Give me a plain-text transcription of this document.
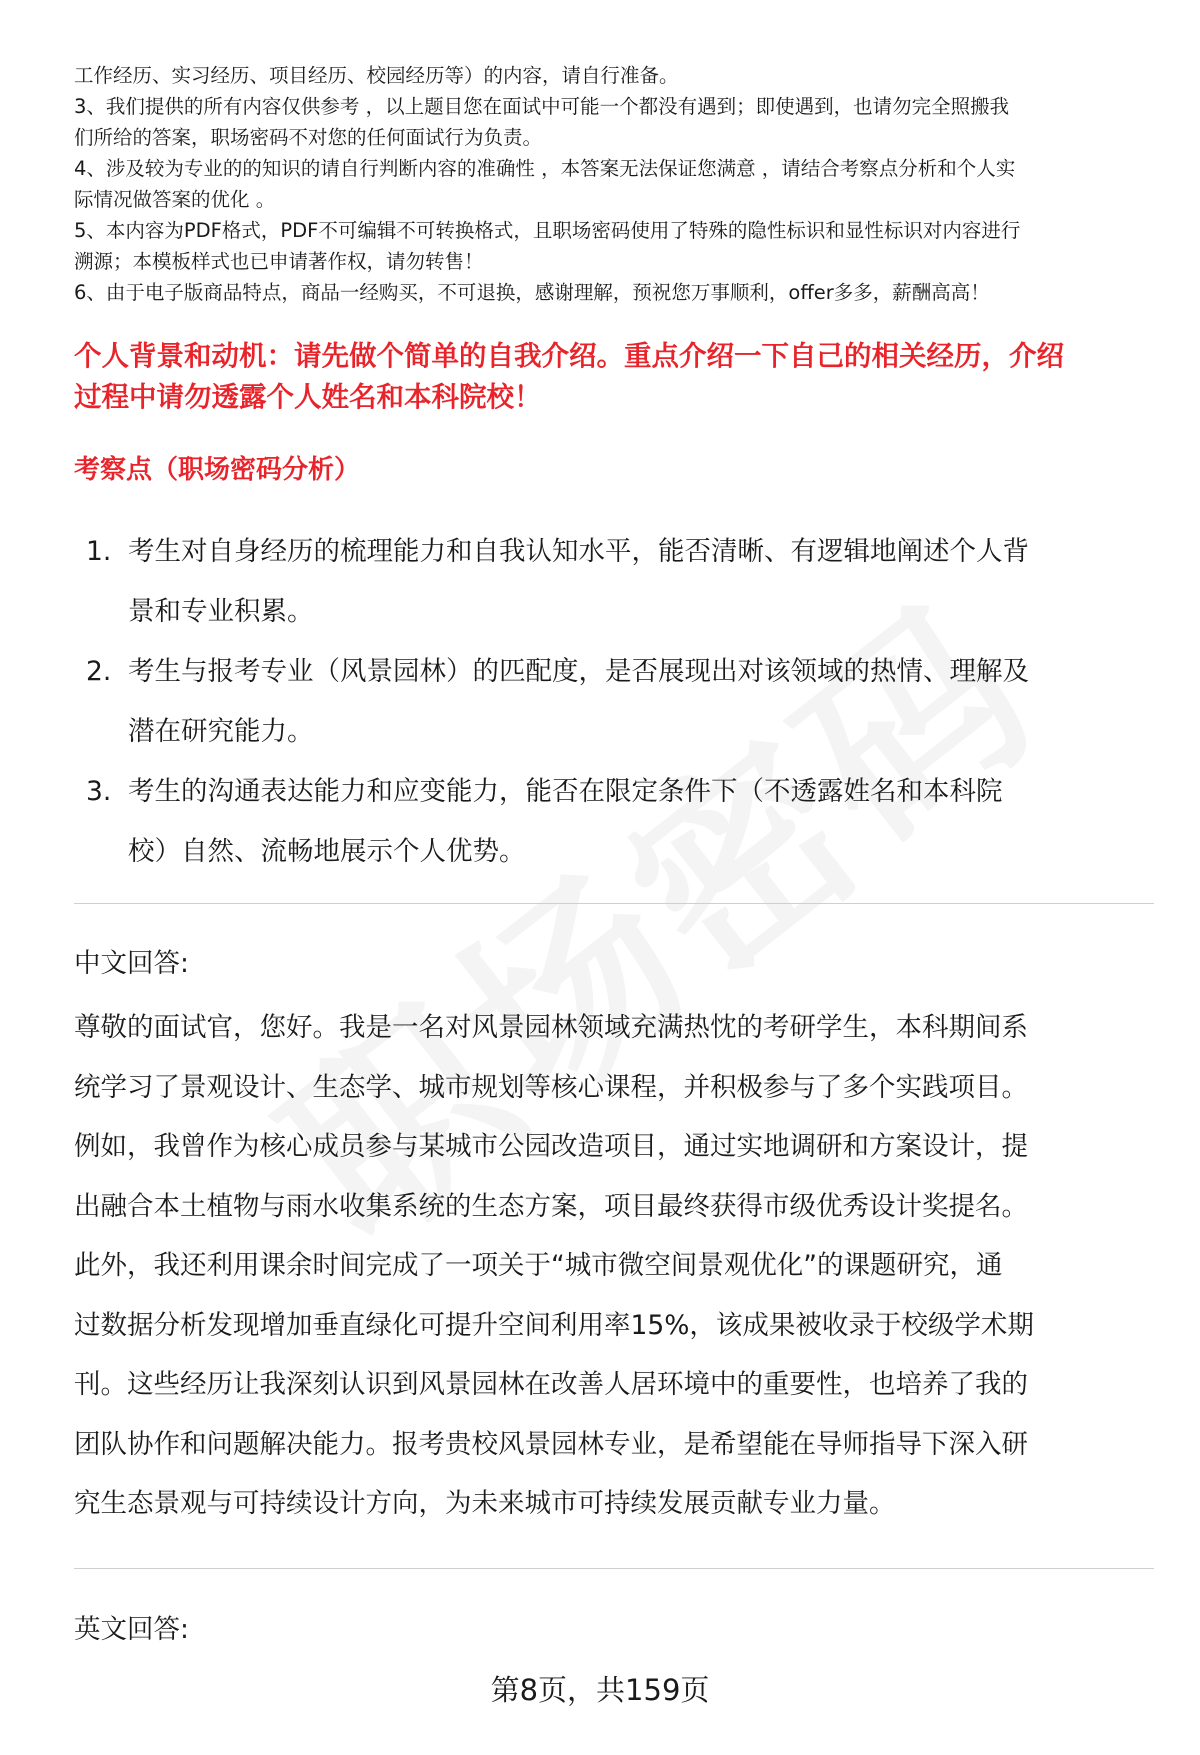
工作经历、实习经历、项目经历、校园经历等）的内容，请自行准备。
3、我们提供的所有内容仅供参考 ，以上题目您在面试中可能一个都没有遇到；即使遇到，也请勿完全照搬我
们所给的答案，职场密码不对您的任何面试行为负责。
4、涉及较为专业的的知识的请自行判断内容的准确性 ，本答案无法保证您满意 ，请结合考察点分析和个人实
际情况做答案的优化 。
5、本内容为PDF格式，PDF不可编辑不可转换格式，且职场密码使用了特殊的隐性标识和显性标识对内容进行
溯源；本模板样式也已申请著作权，请勿转售！
6、由于电子版商品特点，商品一经购买，不可退换，感谢理解，预祝您万事顺利，offer多多，薪酬高高！
个人背景和动机：请先做个简单的自我介绍。重点介绍一下自己的相关经历，介绍
过程中请勿透露个人姓名和本科院校！
考察点（职场密码分析）
1. 考生对自身经历的梳理能力和自我认知水平，能否清晰、有逻辑地阐述个人背
景和专业积累。
2. 考生与报考专业（风景园林）的匹配度，是否展现出对该领域的热情、理解及
潜在研究能力。
3. 考生的沟通表达能力和应变能力，能否在限定条件下（不透露姓名和本科院
校）自然、流畅地展示个人优势。
中文回答:
尊敬的面试官，您好。我是一名对风景园林领域充满热忱的考研学生，本科期间系
统学习了景观设计、生态学、城市规划等核心课程，并积极参与了多个实践项目。
例如，我曾作为核心成员参与某城市公园改造项目，通过实地调研和方案设计，提
出融合本土植物与雨水收集系统的生态方案，项目最终获得市级优秀设计奖提名。
此外，我还利用课余时间完成了一项关于“城市微空间景观优化”的课题研究，通
过数据分析发现增加垂直绿化可提升空间利用率15%，该成果被收录于校级学术期
刊。这些经历让我深刻认识到风景园林在改善人居环境中的重要性，也培养了我的
团队协作和问题解决能力。报考贵校风景园林专业，是希望能在导师指导下深入研
究生态景观与可持续设计方向，为未来城市可持续发展贡献专业力量。
英文回答:
第8页，共159页
